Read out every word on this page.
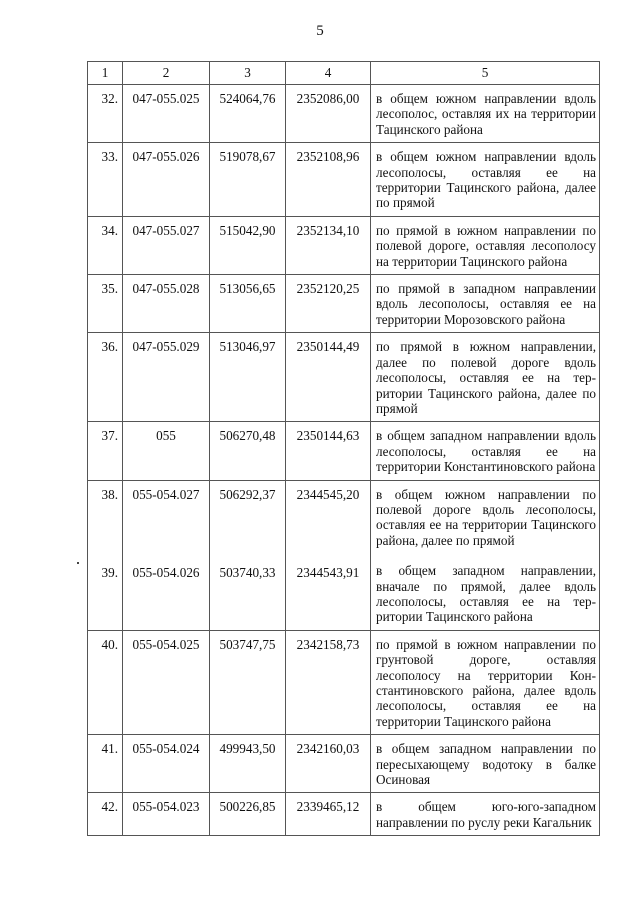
5
1	2	3	4	5
32.	047-055.025	524064,76	2352086,00	в общем южном направлении вдоль лесополос, оставляя их на территории Тацинского района
33.	047-055.026	519078,67	2352108,96	в общем южном направлении вдоль лесополосы, оставляя ее на территории Тацинского района, далее по прямой
34.	047-055.027	515042,90	2352134,10	по прямой в южном направлении по полевой дороге, оставляя лесополосу на территории Тацинского района
35.	047-055.028	513056,65	2352120,25	по прямой в западном направлении вдоль лесополосы, оставляя ее на территории Морозовского района
36.	047-055.029	513046,97	2350144,49	по прямой в южном направлении, далее по полевой дороге вдоль лесополосы, оставляя ее на территории Тацинского района, далее по прямой
37.	055	506270,48	2350144,63	в общем западном направлении вдоль лесополосы, оставляя ее на территории Константиновского района
38.	055-054.027	506292,37	2344545,20	в общем южном направлении по полевой дороге вдоль лесополосы, оставляя ее на территории Тацинского района, далее по прямой
39.	055-054.026	503740,33	2344543,91	в общем западном направлении, вначале по прямой, далее вдоль лесополосы, оставляя ее на территории Тацинского района
40.	055-054.025	503747,75	2342158,73	по прямой в южном направлении по грунтовой дороге, оставляя лесополосу на территории Константиновского района, далее вдоль лесополосы, оставляя ее на территории Тацинского района
41.	055-054.024	499943,50	2342160,03	в общем западном направлении по пересыхающему водотоку в балке Осиновая
42.	055-054.023	500226,85	2339465,12	в общем юго-юго-западном направлении по руслу реки Кагальник
